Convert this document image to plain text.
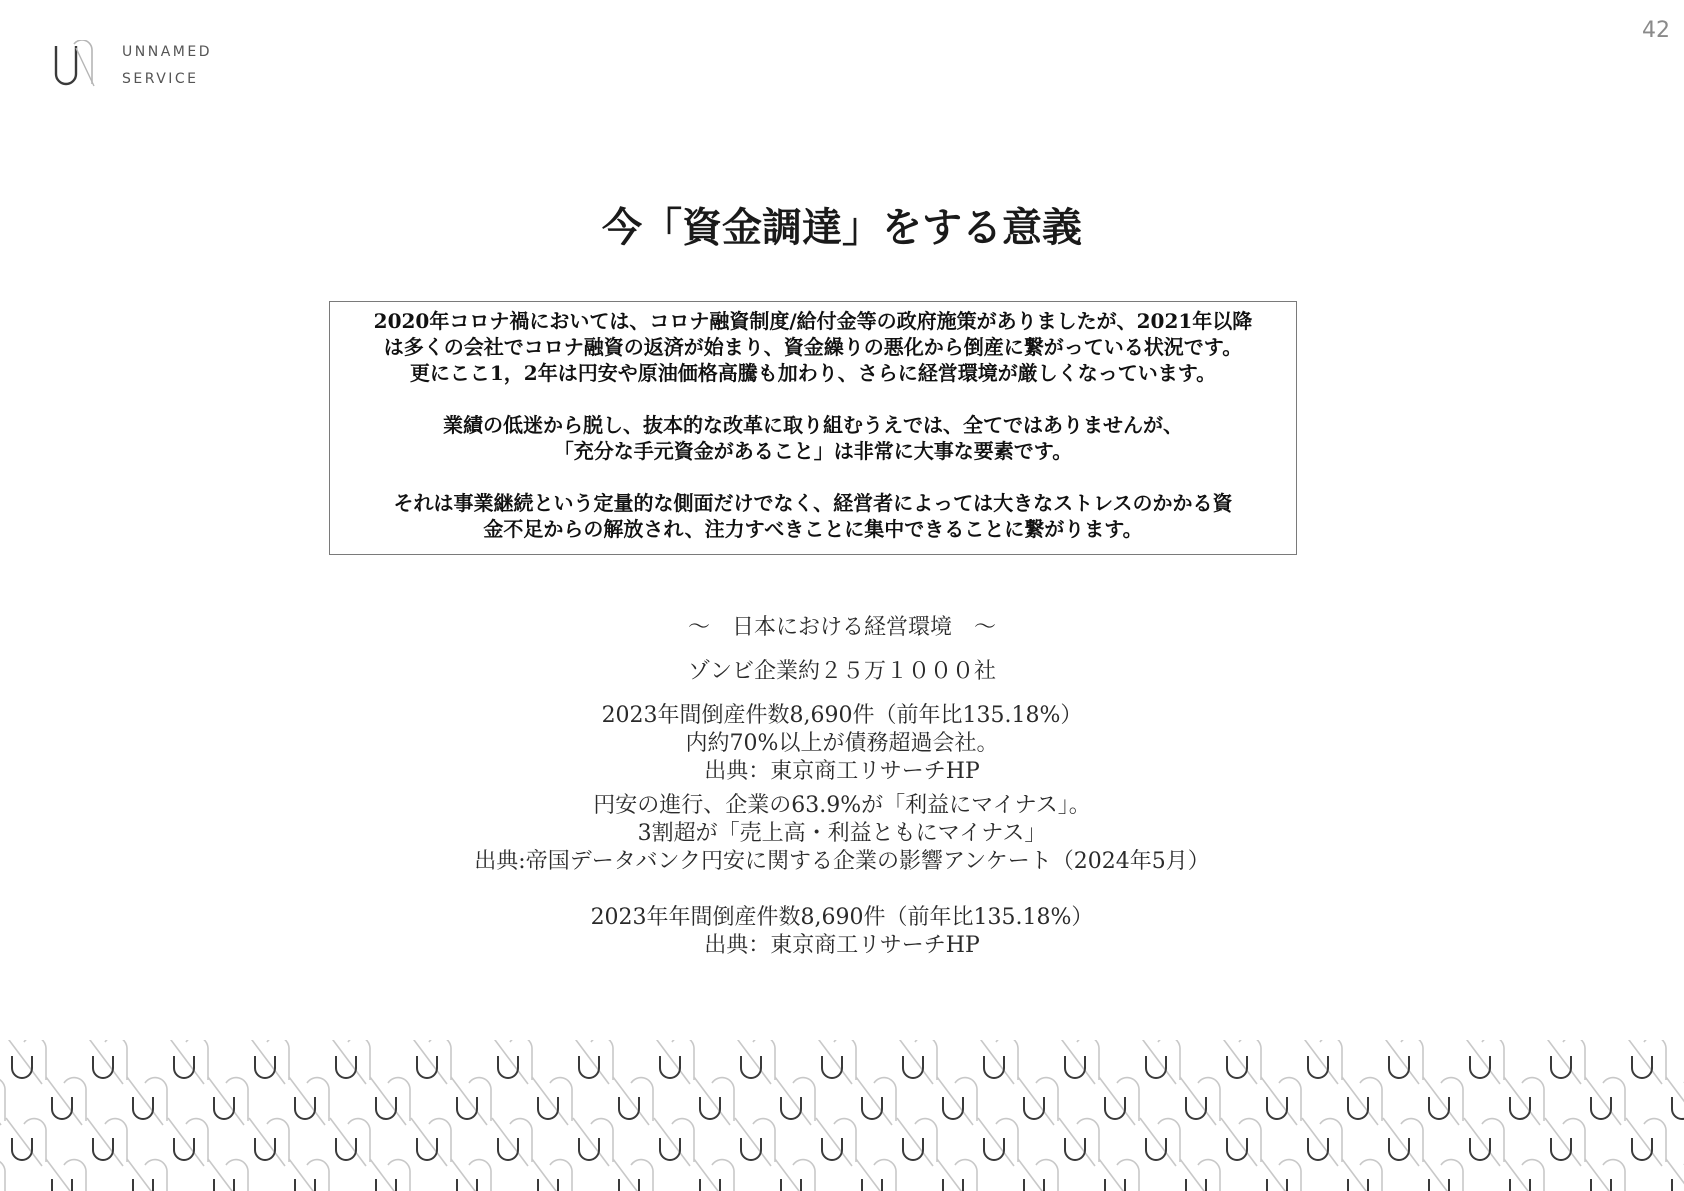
42
UNNAMED
SERVICE
今「資金調達」をする意義

2020年コロナ禍においては、コロナ融資制度/給付金等の政府施策がありましたが、2021年以降
は多くの会社でコロナ融資の返済が始まり、資金繰りの悪化から倒産に繋がっている状況です。
更にここ1，2年は円安や原油価格高騰も加わり、さらに経営環境が厳しくなっています。

業績の低迷から脱し、抜本的な改革に取り組むうえでは、全てではありませんが、
「充分な手元資金があること」は非常に大事な要素です。

それは事業継続という定量的な側面だけでなく、経営者によっては大きなストレスのかかる資
金不足からの解放され、注力すべきことに集中できることに繋がります。

～　日本における経営環境　～
ゾンビ企業約２５万１０００社
2023年間倒産件数8,690件（前年比135.18%）
内約70%以上が債務超過会社。
出典：東京商工リサーチHP
円安の進行、企業の63.9%が「利益にマイナス」。
3割超が「売上高・利益ともにマイナス」
出典:帝国データバンク円安に関する企業の影響アンケート（2024年5月）
2023年年間倒産件数8,690件（前年比135.18%）
出典：東京商工リサーチHP
